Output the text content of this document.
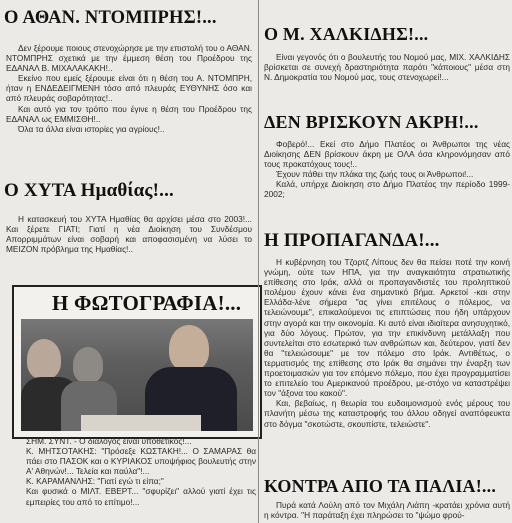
Ο ΑΘΑΝ. ΝΤΟΜΠΡΗΣ!...

Δεν ξέρουμε ποιους στενοχώρησε με την επιστολή του ο ΑΘΑΝ. ΝΤΟΜΠΡΗΣ σχετικά με την έμμεση θέση του Προέδρου της ΕΔΑΝΑΛ Β. ΜΙΧΑΛΑΚΑΚΗ!..

Εκείνο που εμείς ξέρουμε είναι ότι η θέση του Α. ΝΤΟΜΠΡΗ, ήταν η ΕΝΔΕΔΕΙΓΜΕΝΗ τόσο από πλευράς ΕΥΘΥΝΗΣ όσο και από πλευράς σοβαρότητας!..

Και αυτό για τον τρόπο που έγινε η θέση του Προέδρου της ΕΔΑΝΑΛ ως ΕΜΜΙΣΘΗ!..

Όλα τα άλλα είναι ιστορίες για αγρίους!..

Ο ΧΥΤΑ Ημαθίας!...

Η κατασκευή του ΧΥΤΑ Ημαθίας θα αρχίσει μέσα στο 2003!... Και ξέρετε ΓΙΑΤΙ; Γιατί η νέα Διοίκηση του Συνδέσμου Απορριμμάτων είναι σοβαρή και αποφασισμένη να λύσει το ΜΕΙΖΟΝ πρόβλημα της Ημαθίας!..

Η ΦΩΤΟΓΡΑΦΙΑ!...

ΣΗΜ. ΣΥΝΤ. - Ο διάλογος είναι υποθετικός!...

Κ. ΜΗΤΣΟΤΑΚΗΣ: "Πρόσεξε ΚΩΣΤΑΚΗ!... Ο ΣΑΜΑΡΑΣ θα πάει στο ΠΑΣΟΚ και ο ΚΥΡΙΑΚΟΣ υποψήφιος βουλευτής στην Α' Αθηνών!... Τελεία και παύλα"!...

Κ. ΚΑΡΑΜΑΝΛΗΣ: "Γιατί εγώ τι είπα;"

Και φυσικά ο ΜΙΛΤ. ΕΒΕΡΤ... "σφυρίζει" αλλού γιατί έχει τις εμπειρίες του από το επίτιμο!...

Ο Μ. ΧΑΛΚΙΔΗΣ!...

Είναι γεγονός ότι ο βουλευτής του Νομού μας, ΜΙΧ. ΧΑΛΚΙΔΗΣ βρίσκεται σε συνεχή δραστηριότητα παρότι "κάποιους" μέσα στη Ν. Δημοκρατία του Νομού μας, τους στενοχωρεί!...

ΔΕΝ ΒΡΙΣΚΟΥΝ ΑΚΡΗ!...

Φοβερό!... Εκεί στο Δήμο Πλατέος οι Άνθρωποι της νέας Διοίκησης ΔΕΝ βρίσκουν άκρη με ΟΛΑ όσα κληρονόμησαν από τους προκατόχους τους!..

Έχουν πάθει την πλάκα της ζωής τους οι Άνθρωποι!...

Καλά, υπήρχε Διοίκηση στο Δήμο Πλατέος την περίοδο 1999-2002;

Η ΠΡΟΠΑΓΑΝΔΑ!...

Η κυβέρνηση του Τζορτζ Λίπους δεν θα πείσει ποτέ την κοινή γνώμη, ούτε των ΗΠΑ, για την αναγκαιότητα στρατιωτικής επίθεσης στο Ιράκ, αλλά οι προπαγανδιστές του προληπτικού πολέμου έχουν κάνει ένα σημαντικό βήμα. Αρκετοί -και στην Ελλάδα-λένε σήμερα "ας γίνει επιτέλους ο πόλεμος, να τελειώνουμε", επικαλούμενοι τις επιπτώσεις που ήδη υπάρχουν στην αγορά και την οικονομία. Κι αυτό είναι ιδιαίτερα ανησυχητικό, για δύο λόγους. Πρώτον, για την επικίνδυνη μετάλλαξη που συντελείται στο εσωτερικό των ανθρώπων και, δεύτερον, γιατί δεν θα "τελειώσουμε" με τον πόλεμο στο Ιράκ. Αντιθέτως, ο τερματισμός της επίθεσης στο Ιράκ θα σημάνει την έναρξη των προετοιμασιών για τον επόμενο πόλεμο, που έχει προγραμματίσει το επιτελείο του Αμερικανού προέδρου, με-στόχο να καταστρέψει τον "άξονα του κακού".

Και, βεβαίως, η θεωρία του ευδαιμονισμού ενός μέρους του πλανήτη μέσω της καταστροφής του άλλου οδηγεί αναπόφευκτα στο δόγμα "σκοτώστε, σκουπίστε, τελειώστε".

ΚΟΝΤΡΑ ΑΠΟ ΤΑ ΠΑΛΙΑ!...

Πυρά κατά Λούλη από τον Μιχάλη Λιάπη -κρατάει χρόνια αυτή η κόντρα. "Η παράταξη έχει πληρώσει το "ψώμο φρού-
